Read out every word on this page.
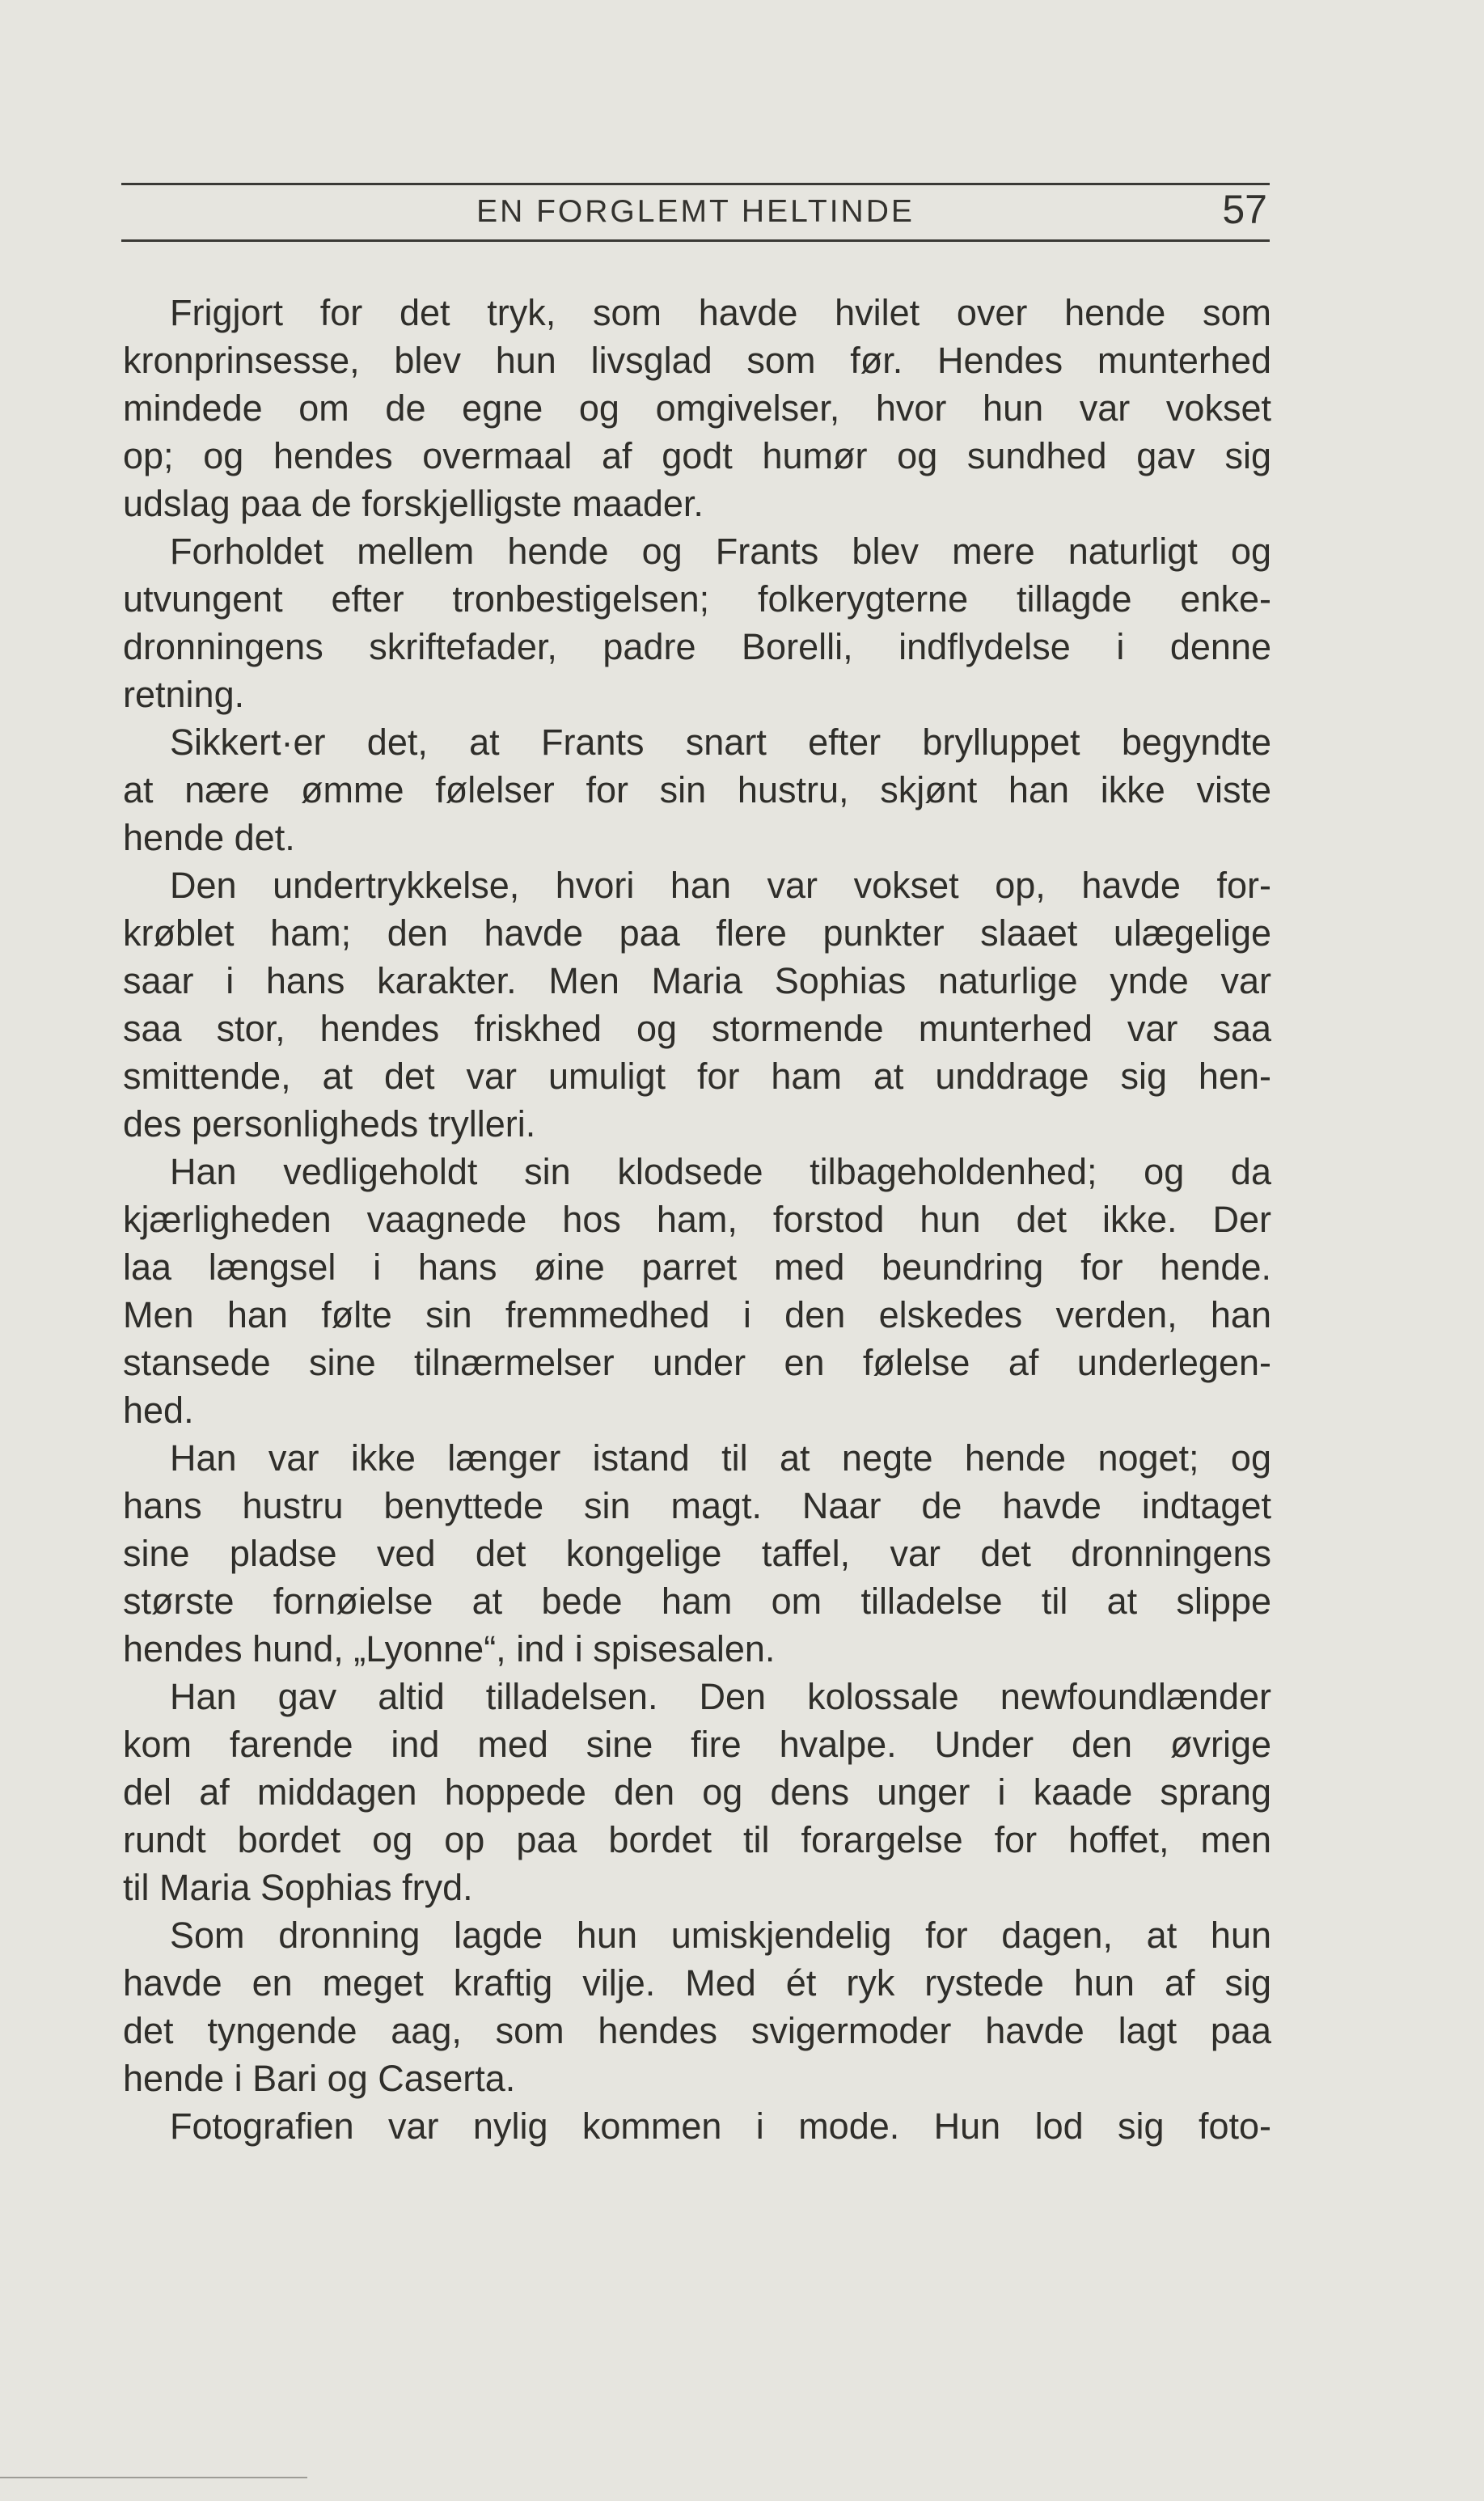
EN FORGLEMT HELTINDE	57
Frigjort for det tryk, som havde hvilet over hende som
kronprinsesse, blev hun livsglad som før. Hendes munterhed
mindede om de egne og omgivelser, hvor hun var vokset
op; og hendes overmaal af godt humør og sundhed gav sig
udslag paa de forskjelligste maader.
Forholdet mellem hende og Frants blev mere naturligt og
utvungent efter tronbestigelsen; folkerygterne tillagde enke-
dronningens skriftefader, padre Borelli, indflydelse i denne
retning.
Sikkert·er det, at Frants snart efter brylluppet begyndte
at nære ømme følelser for sin hustru, skjønt han ikke viste
hende det.
Den undertrykkelse, hvori han var vokset op, havde for-
krøblet ham; den havde paa flere punkter slaaet ulægelige
saar i hans karakter. Men Maria Sophias naturlige ynde var
saa stor, hendes friskhed og stormende munterhed var saa
smittende, at det var umuligt for ham at unddrage sig hen-
des personligheds trylleri.
Han vedligeholdt sin klodsede tilbageholdenhed; og da
kjærligheden vaagnede hos ham, forstod hun det ikke. Der
laa længsel i hans øine parret med beundring for hende.
Men han følte sin fremmedhed i den elskedes verden, han
stansede sine tilnærmelser under en følelse af underlegen-
hed.
Han var ikke længer istand til at negte hende noget; og
hans hustru benyttede sin magt. Naar de havde indtaget
sine pladse ved det kongelige taffel, var det dronningens
største fornøielse at bede ham om tilladelse til at slippe
hendes hund, „Lyonne“, ind i spisesalen.
Han gav altid tilladelsen. Den kolossale newfoundlænder
kom farende ind med sine fire hvalpe. Under den øvrige
del af middagen hoppede den og dens unger i kaade sprang
rundt bordet og op paa bordet til forargelse for hoffet, men
til Maria Sophias fryd.
Som dronning lagde hun umiskjendelig for dagen, at hun
havde en meget kraftig vilje. Med ét ryk rystede hun af sig
det tyngende aag, som hendes svigermoder havde lagt paa
hende i Bari og Caserta.
Fotografien var nylig kommen i mode. Hun lod sig foto-
